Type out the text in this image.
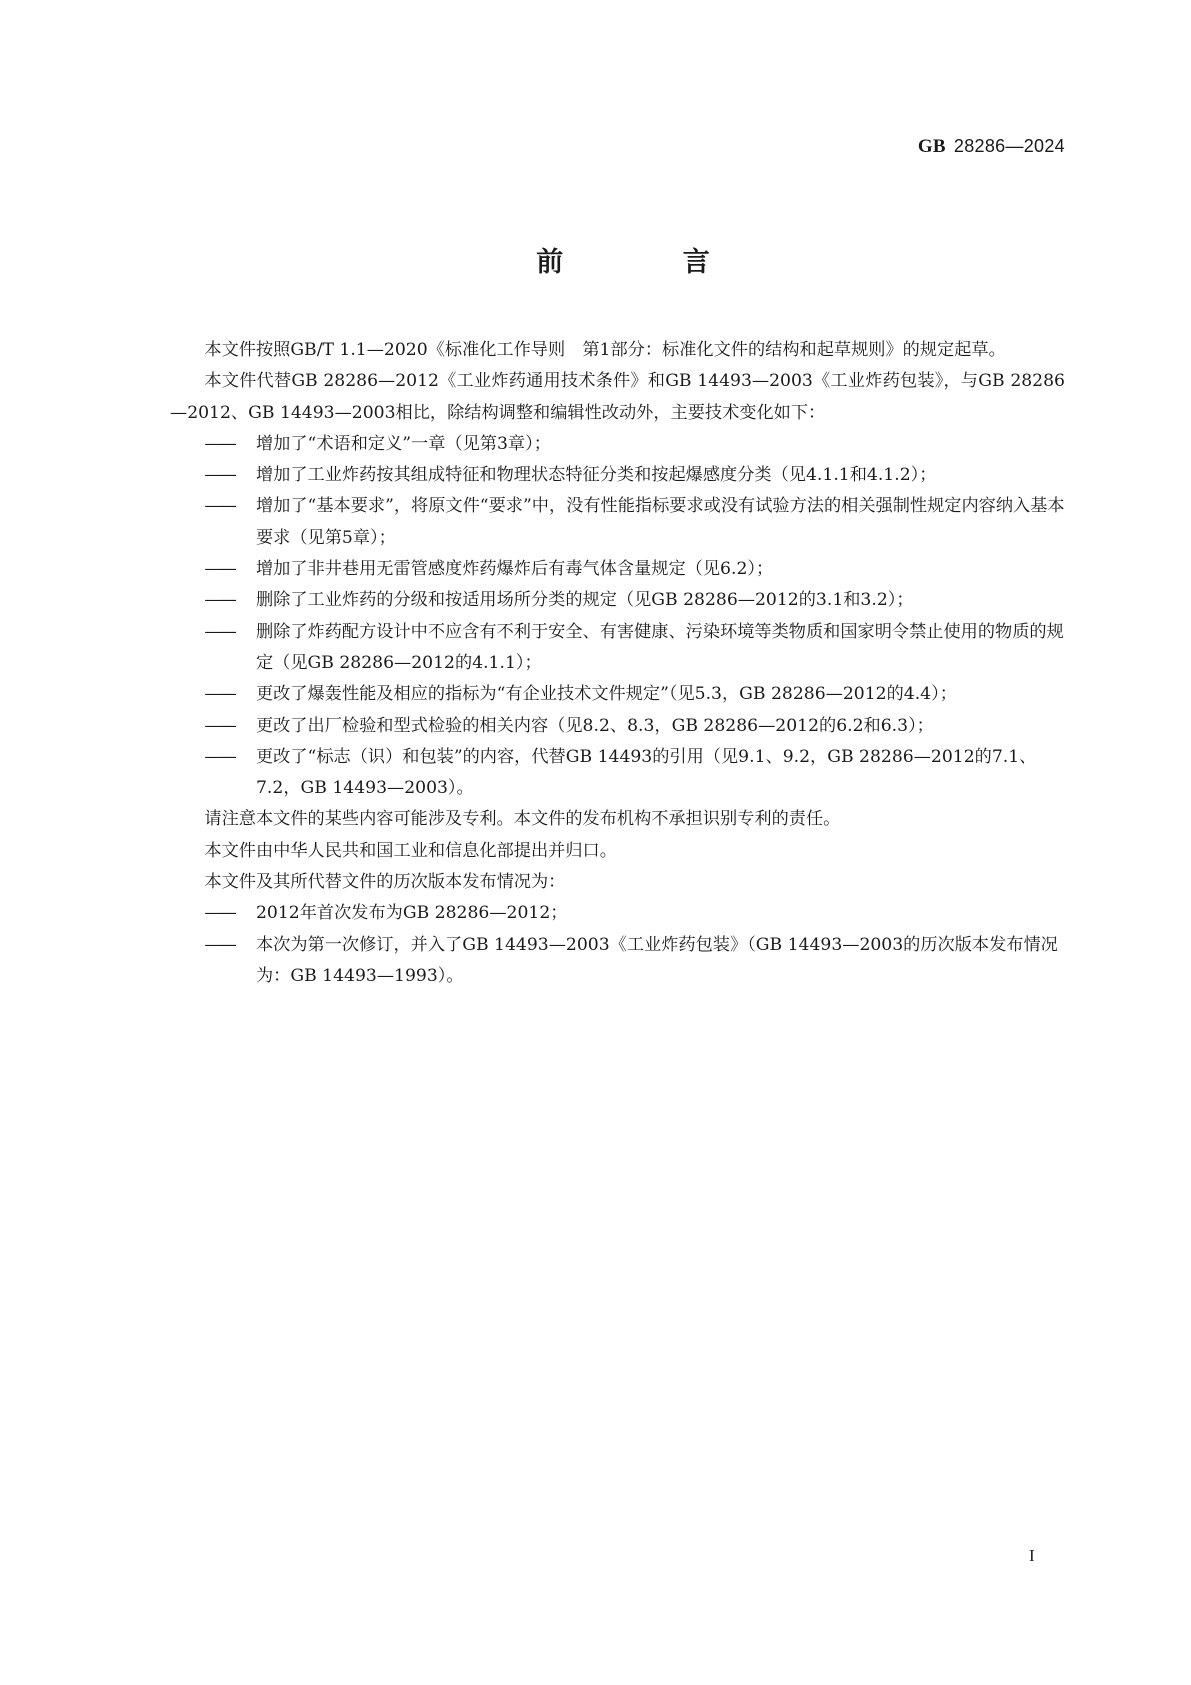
GB 28286—2024
前 言

本文件按照GB/T 1.1—2020《标准化工作导则　第1部分：标准化文件的结构和起草规则》的规定起草。

本文件代替GB 28286—2012《工业炸药通用技术条件》和GB 14493—2003《工业炸药包装》，与GB 28286—2012、GB 14493—2003相比，除结构调整和编辑性改动外，主要技术变化如下：

—— 增加了“术语和定义”一章（见第3章）；

—— 增加了工业炸药按其组成特征和物理状态特征分类和按起爆感度分类（见4.1.1和4.1.2）；

—— 增加了“基本要求”，将原文件“要求”中，没有性能指标要求或没有试验方法的相关强制性规定内容纳入基本要求（见第5章）；

—— 增加了非井巷用无雷管感度炸药爆炸后有毒气体含量规定（见6.2）；

—— 删除了工业炸药的分级和按适用场所分类的规定（见GB 28286—2012的3.1和3.2）；

—— 删除了炸药配方设计中不应含有不利于安全、有害健康、污染环境等类物质和国家明令禁止使用的物质的规定（见GB 28286—2012的4.1.1）；

—— 更改了爆轰性能及相应的指标为“有企业技术文件规定”（见5.3，GB 28286—2012的4.4）；

—— 更改了出厂检验和型式检验的相关内容（见8.2、8.3，GB 28286—2012的6.2和6.3）；

—— 更改了“标志（识）和包装”的内容，代替GB 14493的引用（见9.1、9.2，GB 28286—2012的7.1、7.2，GB 14493—2003）。

请注意本文件的某些内容可能涉及专利。本文件的发布机构不承担识别专利的责任。

本文件由中华人民共和国工业和信息化部提出并归口。

本文件及其所代替文件的历次版本发布情况为：

—— 2012年首次发布为GB 28286—2012；

—— 本次为第一次修订，并入了GB 14493—2003《工业炸药包装》（GB 14493—2003的历次版本发布情况为：GB 14493—1993）。

I
